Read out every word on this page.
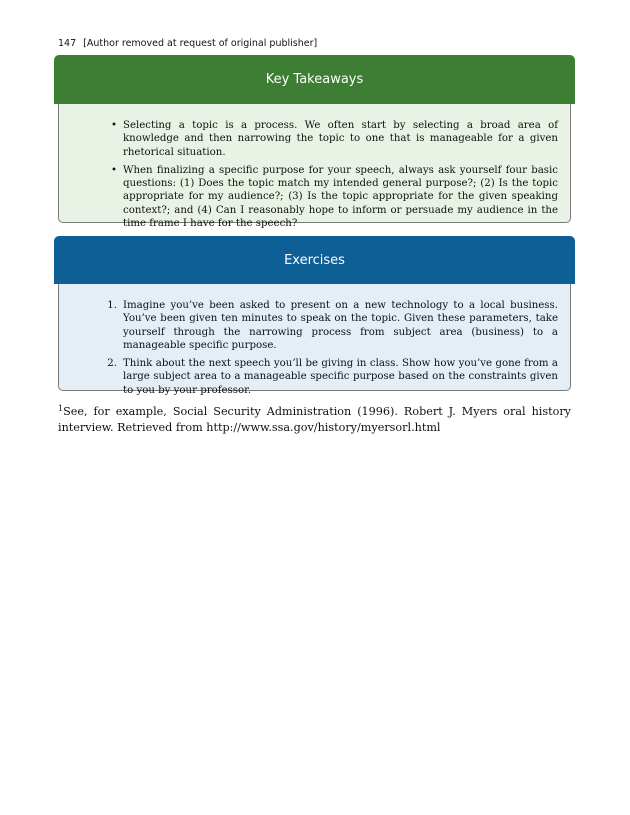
147 [Author removed at request of original publisher]
Key Takeaways
• Selecting a topic is a process. We often start by selecting a broad area of knowledge and then narrowing the topic to one that is manageable for a given rhetorical situation.
• When finalizing a specific purpose for your speech, always ask yourself four basic questions: (1) Does the topic match my intended general purpose?; (2) Is the topic appropriate for my audience?; (3) Is the topic appropriate for the given speaking context?; and (4) Can I reasonably hope to inform or persuade my audience in the time frame I have for the speech?
Exercises
1. Imagine you’ve been asked to present on a new technology to a local business. You’ve been given ten minutes to speak on the topic. Given these parameters, take yourself through the narrowing process from subject area (business) to a manageable specific purpose.
2. Think about the next speech you’ll be giving in class. Show how you’ve gone from a large subject area to a manageable specific purpose based on the constraints given to you by your professor.
$^1$See, for example, Social Security Administration (1996). Robert J. Myers oral history interview. Retrieved from http://www.ssa.gov/history/myersorl.html
